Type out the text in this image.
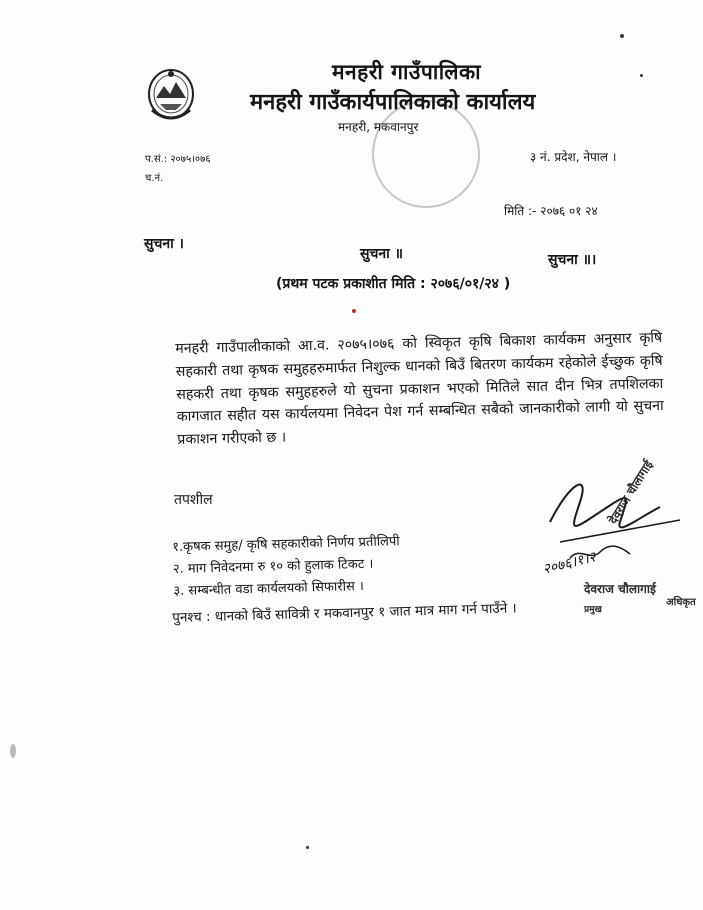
मनहरी गाउँपालिका
मनहरी गाउँकार्यपालिकाको कार्यालय
मनहरी, मकवानपुर
प.सं.: २०७५।०७६
च.नं.
३ नं. प्रदेश, नेपाल ।
मिति :- २०७६ ०१ २४
सुचना ।
सुचना ॥	सुचना ॥।
(प्रथम पटक प्रकाशीत मिति : २०७६/०१/२४ )
मनहरी गाउँपालीकाको आ.व. २०७५।०७६ को स्विकृत कृषि बिकाश कार्यकम अनुसार कृषि सहकारी तथा कृषक समुहहरुमार्फत निशुल्क धानको बिउँ बितरण कार्यकम रहेकोले ईच्छुक कृषि सहकरी तथा कृषक समुहहरुले यो सुचना प्रकाशन भएको मितिले सात दीन भित्र तपशिलका कागजात सहीत यस कार्यलयमा निवेदन पेश गर्न सम्बन्धित सबैको जानकारीको लागी यो सुचना प्रकाशन गरीएको छ ।
तपशील
१.कृषक समुह/ कृषि सहकारीको निर्णय प्रतीलिपी
२. माग निवेदनमा रु १० को हुलाक टिकट ।
३. सम्बन्धीत वडा कार्यलयको सिफारीस ।
पुनश्च : धानको बिउँ सावित्री र मकवानपुर १ जात मात्र माग गर्न पाउँने ।
२०७६।१।२
देवराज चौलागाई
देवराज चौलागाई
अधिकृत
प्रमुख
